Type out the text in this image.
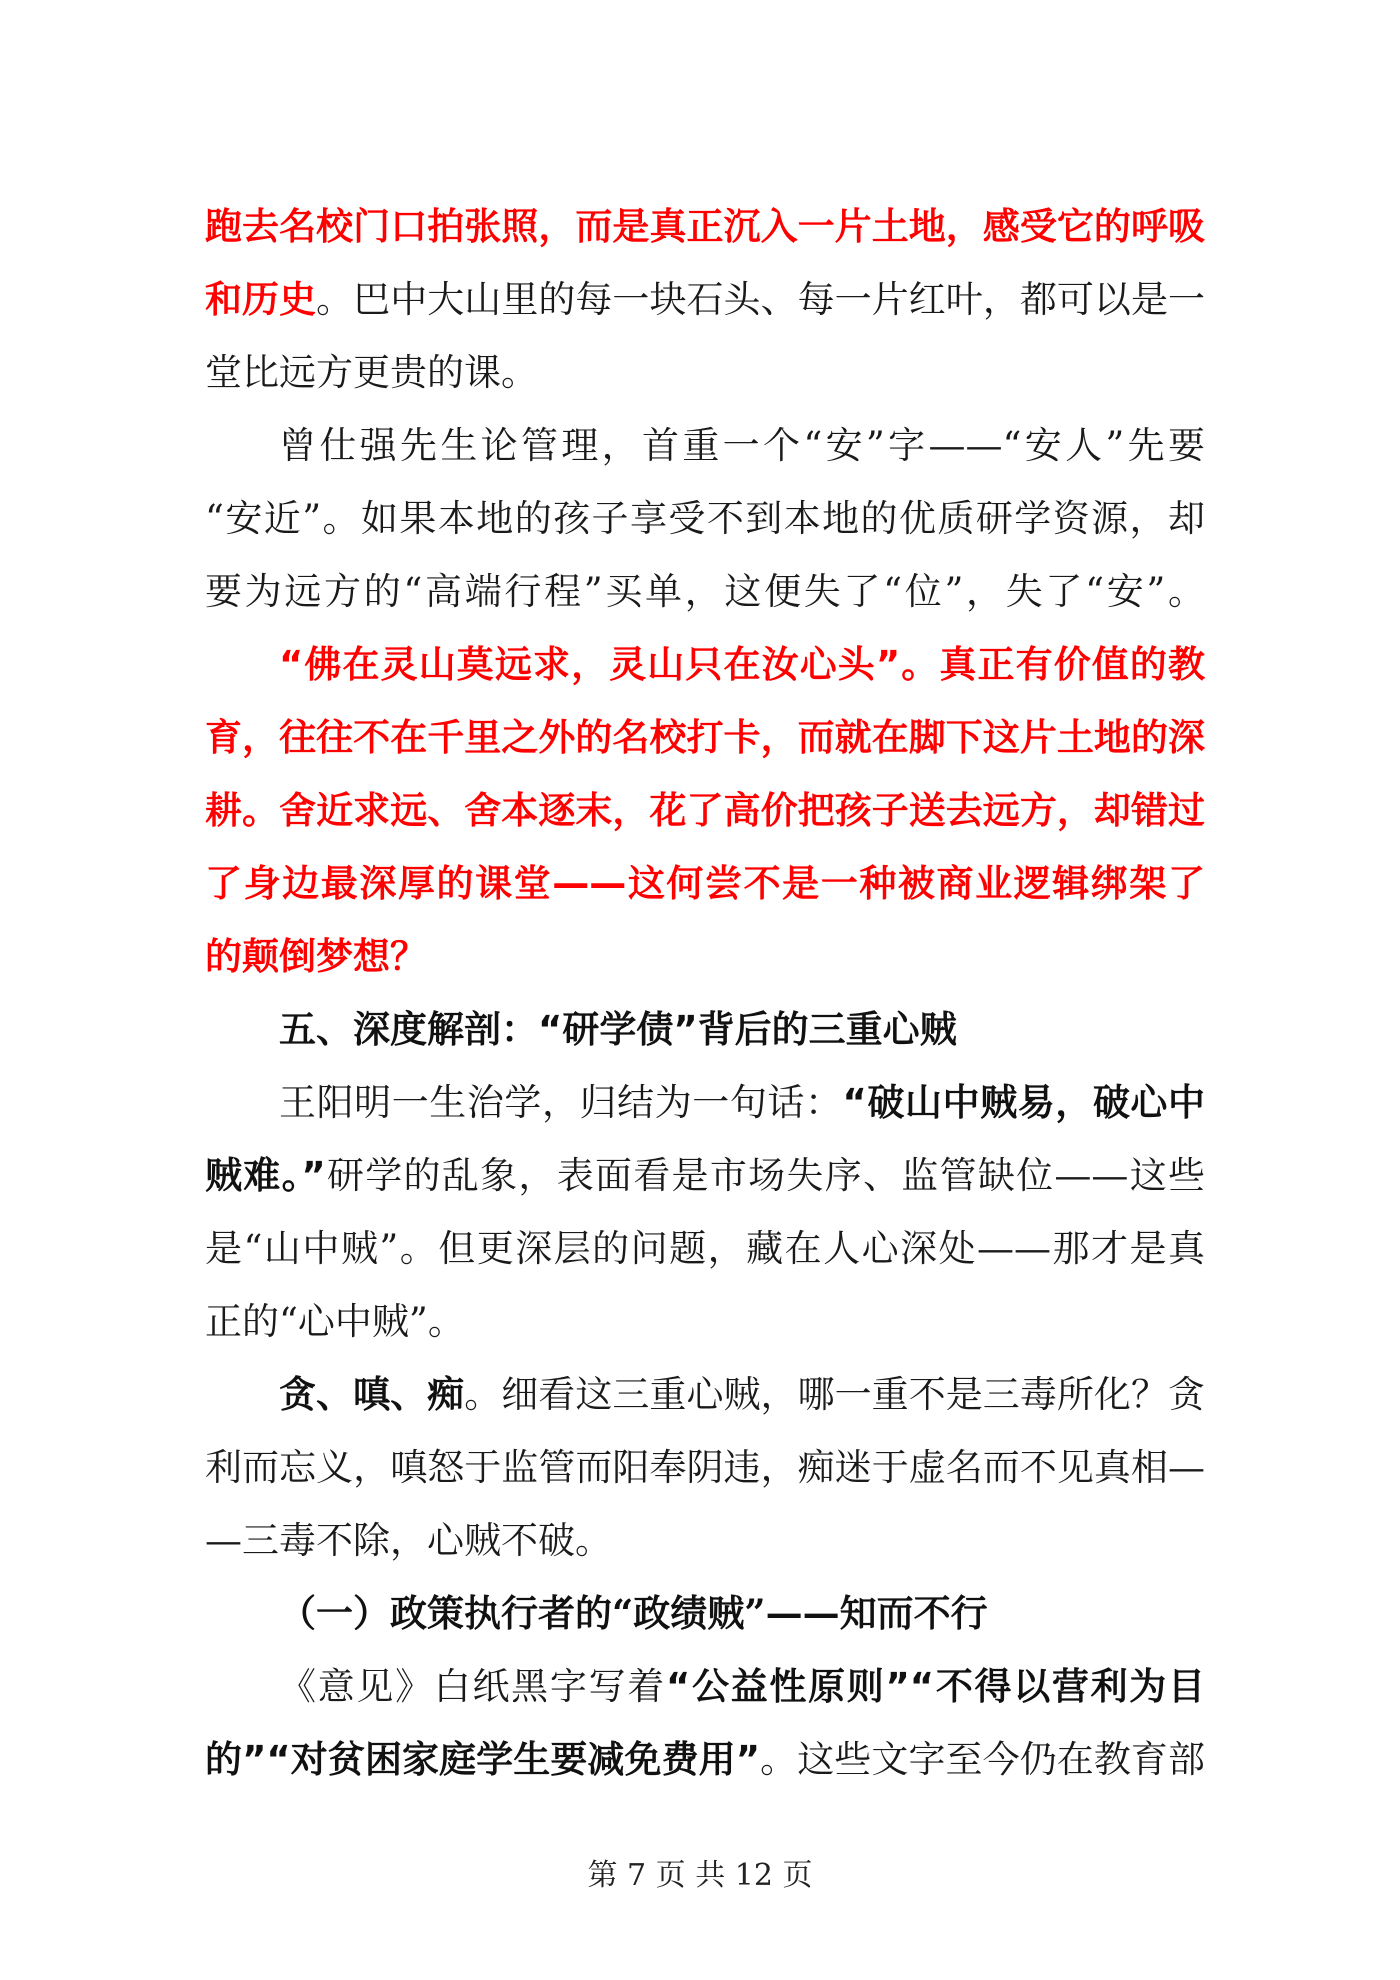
跑去名校门口拍张照，而是真正沉入一片土地，感受它的呼吸
和历史。巴中大山里的每一块石头、每一片红叶，都可以是一
堂比远方更贵的课。
曾仕强先生论管理，首重一个“安”字——“安人”先要
“安近”。如果本地的孩子享受不到本地的优质研学资源，却
要为远方的“高端行程”买单，这便失了“位”，失了“安”。
“佛在灵山莫远求，灵山只在汝心头”。真正有价值的教
育，往往不在千里之外的名校打卡，而就在脚下这片土地的深
耕。舍近求远、舍本逐末，花了高价把孩子送去远方，却错过
了身边最深厚的课堂——这何尝不是一种被商业逻辑绑架了
的颠倒梦想？
五、深度解剖：“研学债”背后的三重心贼
王阳明一生治学，归结为一句话：“破山中贼易，破心中
贼难。”研学的乱象，表面看是市场失序、监管缺位——这些
是“山中贼”。但更深层的问题，藏在人心深处——那才是真
正的“心中贼”。
贪、嗔、痴。细看这三重心贼，哪一重不是三毒所化？贪
利而忘义，嗔怒于监管而阳奉阴违，痴迷于虚名而不见真相—
—三毒不除，心贼不破。
（一）政策执行者的“政绩贼”——知而不行
《意见》白纸黑字写着“公益性原则”“不得以营利为目
的”“对贫困家庭学生要减免费用”。这些文字至今仍在教育部
第 7 页 共 12 页
